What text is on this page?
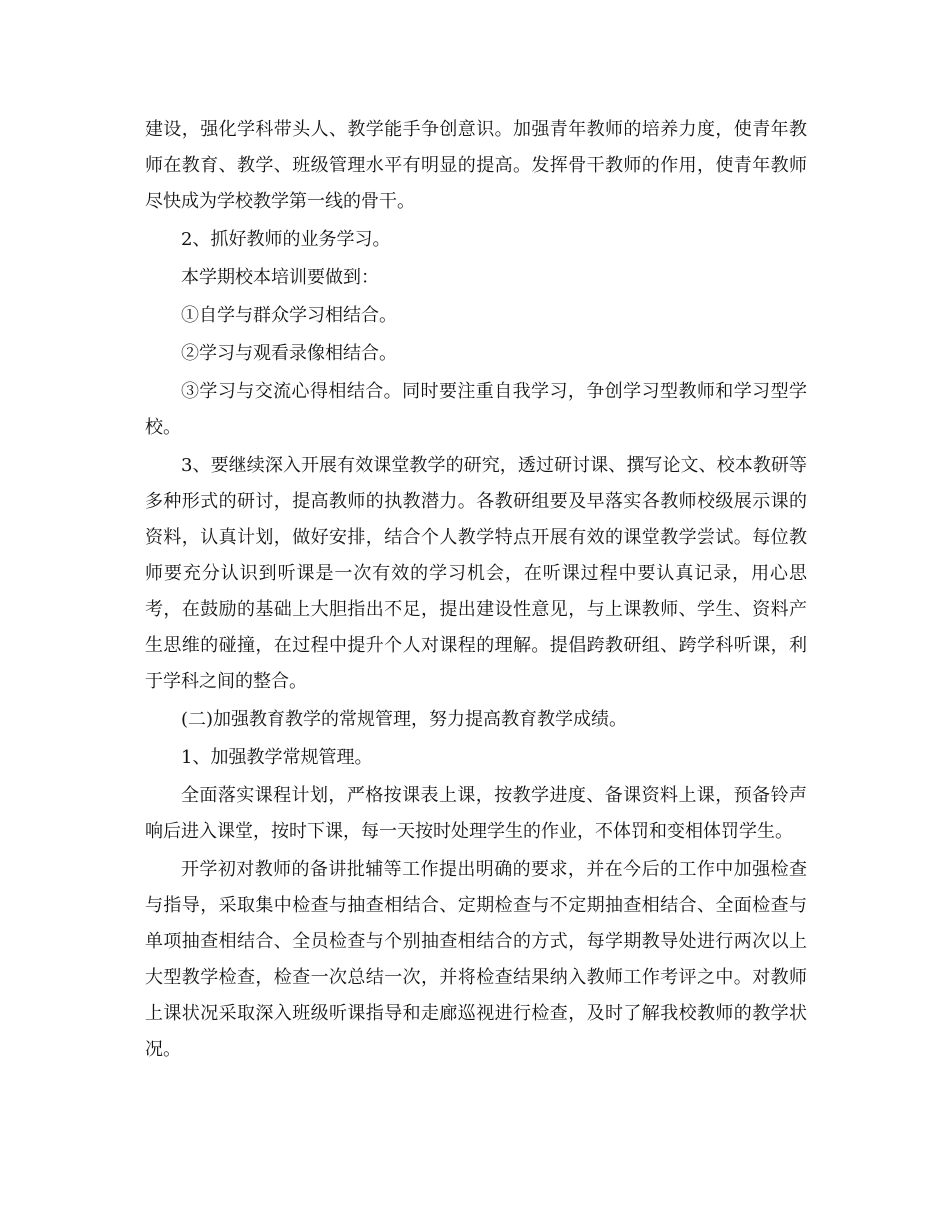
建设，强化学科带头人、教学能手争创意识。加强青年教师的培养力度，使青年教师在教育、教学、班级管理水平有明显的提高。发挥骨干教师的作用，使青年教师尽快成为学校教学第一线的骨干。

2、抓好教师的业务学习。

本学期校本培训要做到：

①自学与群众学习相结合。

②学习与观看录像相结合。

③学习与交流心得相结合。同时要注重自我学习，争创学习型教师和学习型学校。

3、要继续深入开展有效课堂教学的研究，透过研讨课、撰写论文、校本教研等多种形式的研讨，提高教师的执教潜力。各教研组要及早落实各教师校级展示课的资料，认真计划，做好安排，结合个人教学特点开展有效的课堂教学尝试。每位教师要充分认识到听课是一次有效的学习机会，在听课过程中要认真记录，用心思考，在鼓励的基础上大胆指出不足，提出建设性意见，与上课教师、学生、资料产生思维的碰撞，在过程中提升个人对课程的理解。提倡跨教研组、跨学科听课，利于学科之间的整合。

(二)加强教育教学的常规管理，努力提高教育教学成绩。

1、加强教学常规管理。

全面落实课程计划，严格按课表上课，按教学进度、备课资料上课，预备铃声响后进入课堂，按时下课，每一天按时处理学生的作业，不体罚和变相体罚学生。

开学初对教师的备讲批辅等工作提出明确的要求，并在今后的工作中加强检查与指导，采取集中检查与抽查相结合、定期检查与不定期抽查相结合、全面检查与单项抽查相结合、全员检查与个别抽查相结合的方式，每学期教导处进行两次以上大型教学检查，检查一次总结一次，并将检查结果纳入教师工作考评之中。对教师上课状况采取深入班级听课指导和走廊巡视进行检查，及时了解我校教师的教学状况。
